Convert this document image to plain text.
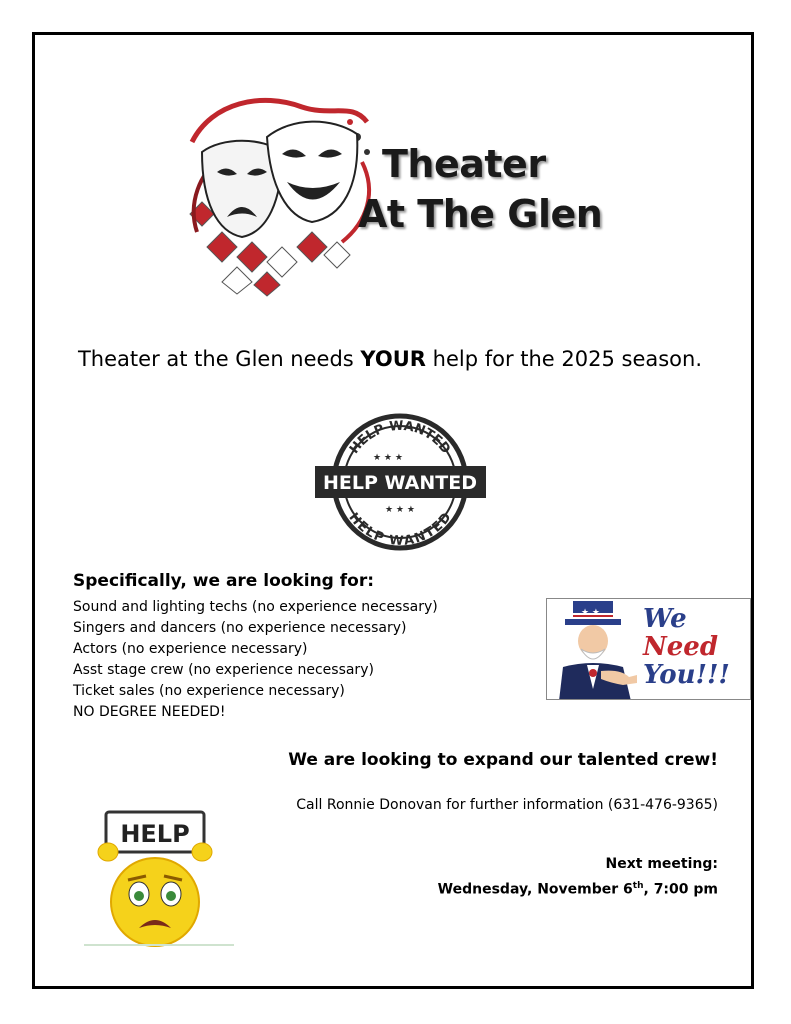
Theater
At The Glen
Theater at the Glen needs YOUR help for the 2025 season.
HELP WANTED
HELP WANTED
HELP WANTED
★ ★ ★
★ ★ ★
Specifically, we are looking for:
Sound and lighting techs (no experience necessary)
Singers and dancers (no experience necessary)
Actors (no experience necessary)
Asst stage crew (no experience necessary)
Ticket sales (no experience necessary)
NO DEGREE NEEDED!
We
Need
You!!!
We are looking to expand our talented crew!
Call Ronnie Donovan for further information (631-476-9365)
Next meeting:
Wednesday, November 6th, 7:00 pm
HELP
